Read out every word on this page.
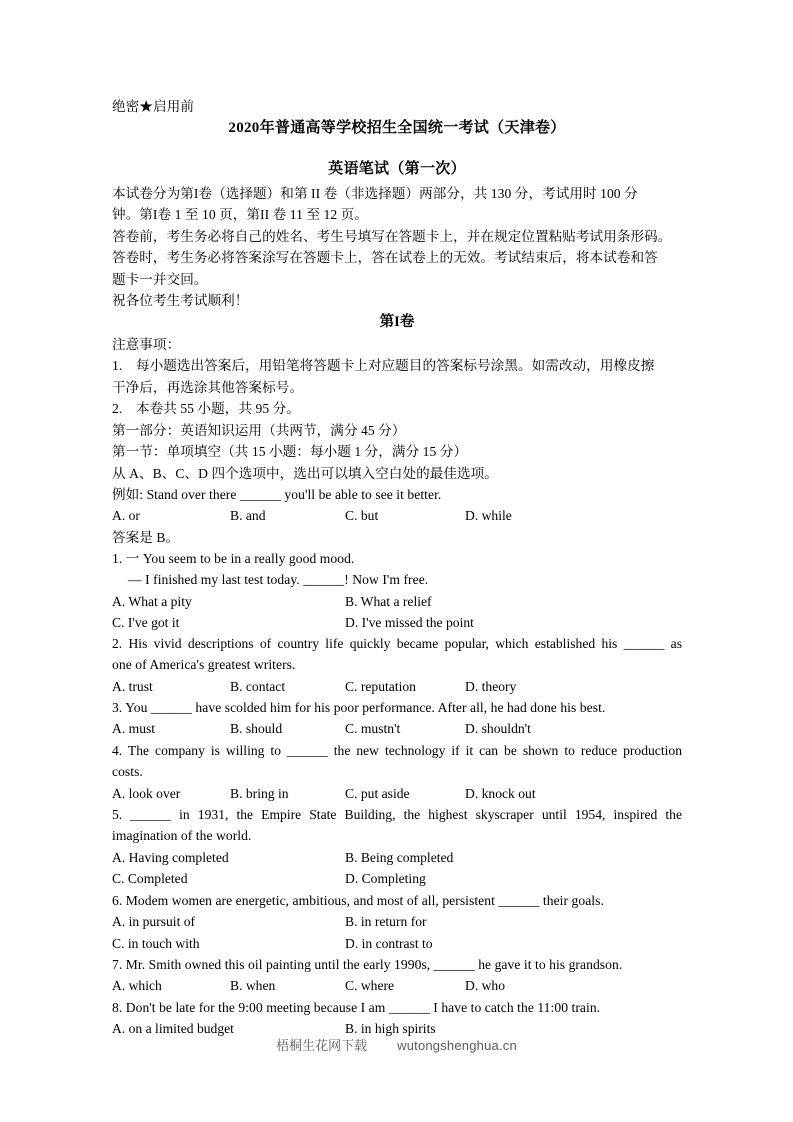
绝密★启用前
2020年普通高等学校招生全国统一考试（天津卷）
英语笔试（第一次）
本试卷分为第I卷（选择题）和第 II 卷（非选择题）两部分，共 130 分，考试用时 100 分
钟。第I卷 1 至 10 页，第II 卷 11 至 12 页。
答卷前，考生务必将自己的姓名、考生号填写在答题卡上，并在规定位置粘贴考试用条形码。
答卷时，考生务必将答案涂写在答题卡上，答在试卷上的无效。考试结束后，将本试卷和答
题卡一并交回。
祝各位考生考试顺利！
第I卷
注意事项：
1.　每小题选出答案后，用铅笔将答题卡上对应题目的答案标号涂黑。如需改动，用橡皮擦
干净后，再选涂其他答案标号。
2.　本卷共 55 小题，共 95 分。
第一部分：英语知识运用（共两节，满分 45 分）
第一节：单项填空（共 15 小题：每小题 1 分，满分 15 分）
从 A、B、C、D 四个选项中，选出可以填入空白处的最佳选项。
例如: Stand over there ______ you'll be able to see it better.
A. or	B. and	C. but	D. while
答案是 B。
1. 一 You seem to be in a really good mood.
— I finished my last test today. ______! Now I'm free.
A. What a pity	B. What a relief
C. I've got it	D. I've missed the point
2. His vivid descriptions of country life quickly became popular, which established his ______ as
one of America's greatest writers.
A. trust	B. contact	C. reputation	D. theory
3. You ______ have scolded him for his poor performance. After all, he had done his best.
A. must	B. should	C. mustn't	D. shouldn't
4. The company is willing to ______ the new technology if it can be shown to reduce production
costs.
A. look over	B. bring in	C. put aside	D. knock out
5. ______ in 1931, the Empire State Building, the highest skyscraper until 1954, inspired the
imagination of the world.
A. Having completed	B. Being completed
C. Completed	D. Completing
6. Modem women are energetic, ambitious, and most of all, persistent ______ their goals.
A. in pursuit of	B. in return for
C. in touch with	D. in contrast to
7. Mr. Smith owned this oil painting until the early 1990s, ______ he gave it to his grandson.
A. which	B. when	C. where	D. who
8. Don't be late for the 9:00 meeting because I am ______ I have to catch the 11:00 train.
A. on a limited budget	B. in high spirits
梧桐生花网下载 wutongshenghua.cn
